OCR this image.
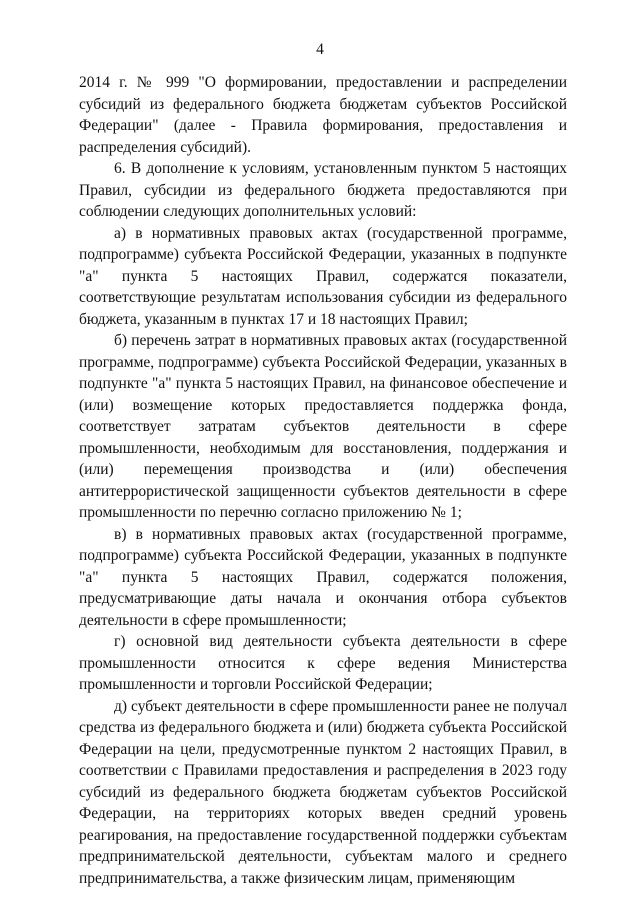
4

2014 г. № 999 "О формировании, предоставлении и распределении субсидий из федерального бюджета бюджетам субъектов Российской Федерации" (далее - Правила формирования, предоставления и распределения субсидий).

6. В дополнение к условиям, установленным пунктом 5 настоящих Правил, субсидии из федерального бюджета предоставляются при соблюдении следующих дополнительных условий:

а) в нормативных правовых актах (государственной программе, подпрограмме) субъекта Российской Федерации, указанных в подпункте "а" пункта 5 настоящих Правил, содержатся показатели, соответствующие результатам использования субсидии из федерального бюджета, указанным в пунктах 17 и 18 настоящих Правил;

б) перечень затрат в нормативных правовых актах (государственной программе, подпрограмме) субъекта Российской Федерации, указанных в подпункте "а" пункта 5 настоящих Правил, на финансовое обеспечение и (или) возмещение которых предоставляется поддержка фонда, соответствует затратам субъектов деятельности в сфере промышленности, необходимым для восстановления, поддержания и (или) перемещения производства и (или) обеспечения антитеррористической защищенности субъектов деятельности в сфере промышленности по перечню согласно приложению № 1;

в) в нормативных правовых актах (государственной программе, подпрограмме) субъекта Российской Федерации, указанных в подпункте "а" пункта 5 настоящих Правил, содержатся положения, предусматривающие даты начала и окончания отбора субъектов деятельности в сфере промышленности;

г) основной вид деятельности субъекта деятельности в сфере промышленности относится к сфере ведения Министерства промышленности и торговли Российской Федерации;

д) субъект деятельности в сфере промышленности ранее не получал средства из федерального бюджета и (или) бюджета субъекта Российской Федерации на цели, предусмотренные пунктом 2 настоящих Правил, в соответствии с Правилами предоставления и распределения в 2023 году субсидий из федерального бюджета бюджетам субъектов Российской Федерации, на территориях которых введен средний уровень реагирования, на предоставление государственной поддержки субъектам предпринимательской деятельности, субъектам малого и среднего предпринимательства, а также физическим лицам, применяющим
